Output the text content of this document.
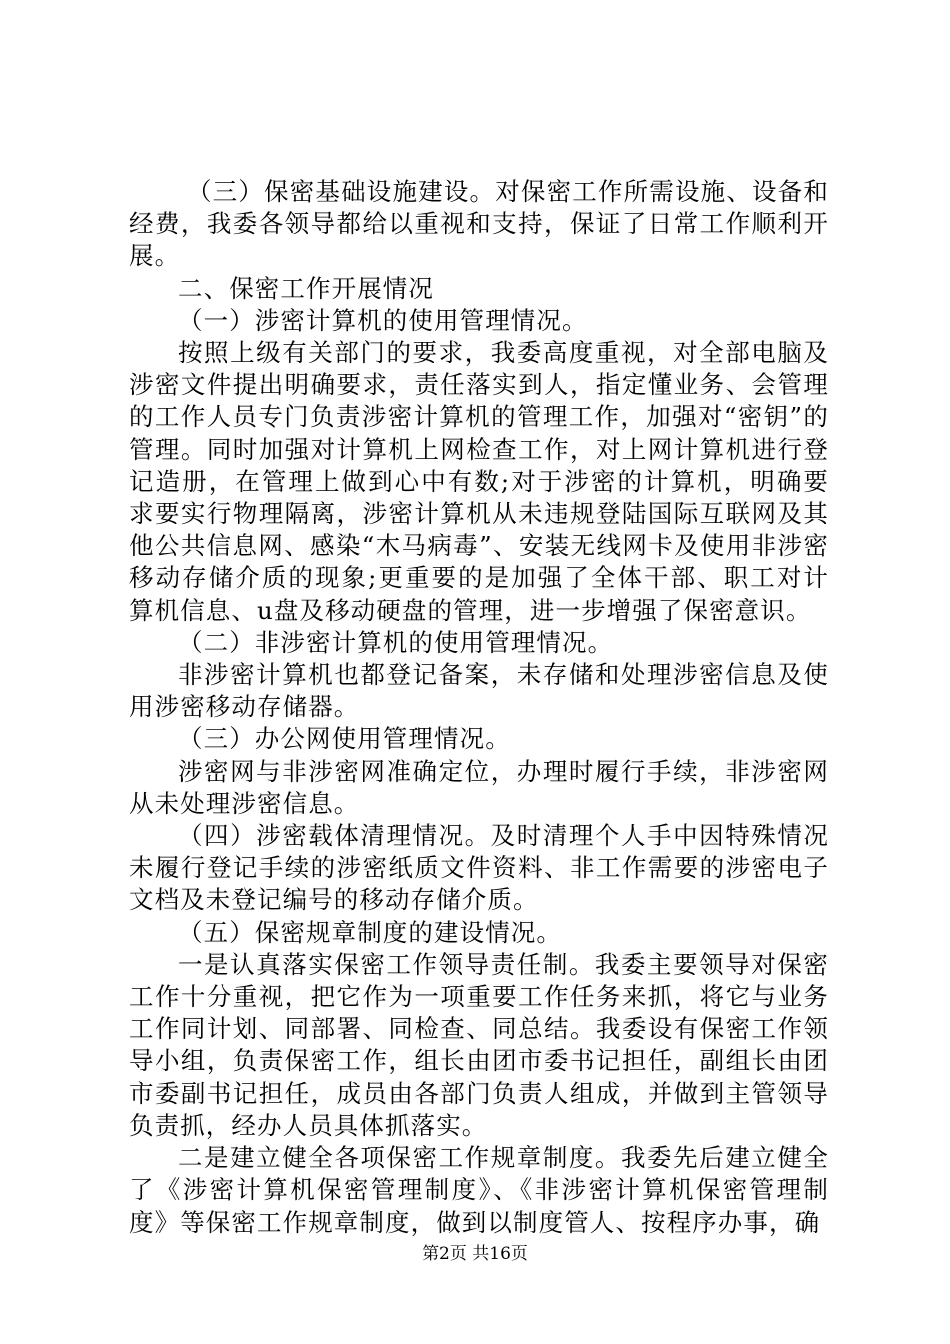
（三）保密基础设施建设。对保密工作所需设施、设备和经费，我委各领导都给以重视和支持，保证了日常工作顺利开展。

二、保密工作开展情况

（一）涉密计算机的使用管理情况。

按照上级有关部门的要求，我委高度重视，对全部电脑及涉密文件提出明确要求，责任落实到人，指定懂业务、会管理的工作人员专门负责涉密计算机的管理工作，加强对“密钥”的管理。同时加强对计算机上网检查工作，对上网计算机进行登记造册，在管理上做到心中有数;对于涉密的计算机，明确要求要实行物理隔离，涉密计算机从未违规登陆国际互联网及其他公共信息网、感染“木马病毒”、安装无线网卡及使用非涉密移动存储介质的现象;更重要的是加强了全体干部、职工对计算机信息、u盘及移动硬盘的管理，进一步增强了保密意识。

（二）非涉密计算机的使用管理情况。

非涉密计算机也都登记备案，未存储和处理涉密信息及使用涉密移动存储器。

（三）办公网使用管理情况。

涉密网与非涉密网准确定位，办理时履行手续，非涉密网从未处理涉密信息。

（四）涉密载体清理情况。及时清理个人手中因特殊情况未履行登记手续的涉密纸质文件资料、非工作需要的涉密电子文档及未登记编号的移动存储介质。

（五）保密规章制度的建设情况。

一是认真落实保密工作领导责任制。我委主要领导对保密工作十分重视，把它作为一项重要工作任务来抓，将它与业务工作同计划、同部署、同检查、同总结。我委设有保密工作领导小组，负责保密工作，组长由团市委书记担任，副组长由团市委副书记担任，成员由各部门负责人组成，并做到主管领导负责抓，经办人员具体抓落实。

二是建立健全各项保密工作规章制度。我委先后建立健全了《涉密计算机保密管理制度》、《非涉密计算机保密管理制度》等保密工作规章制度，做到以制度管人、按程序办事，确

第2页 共16页
